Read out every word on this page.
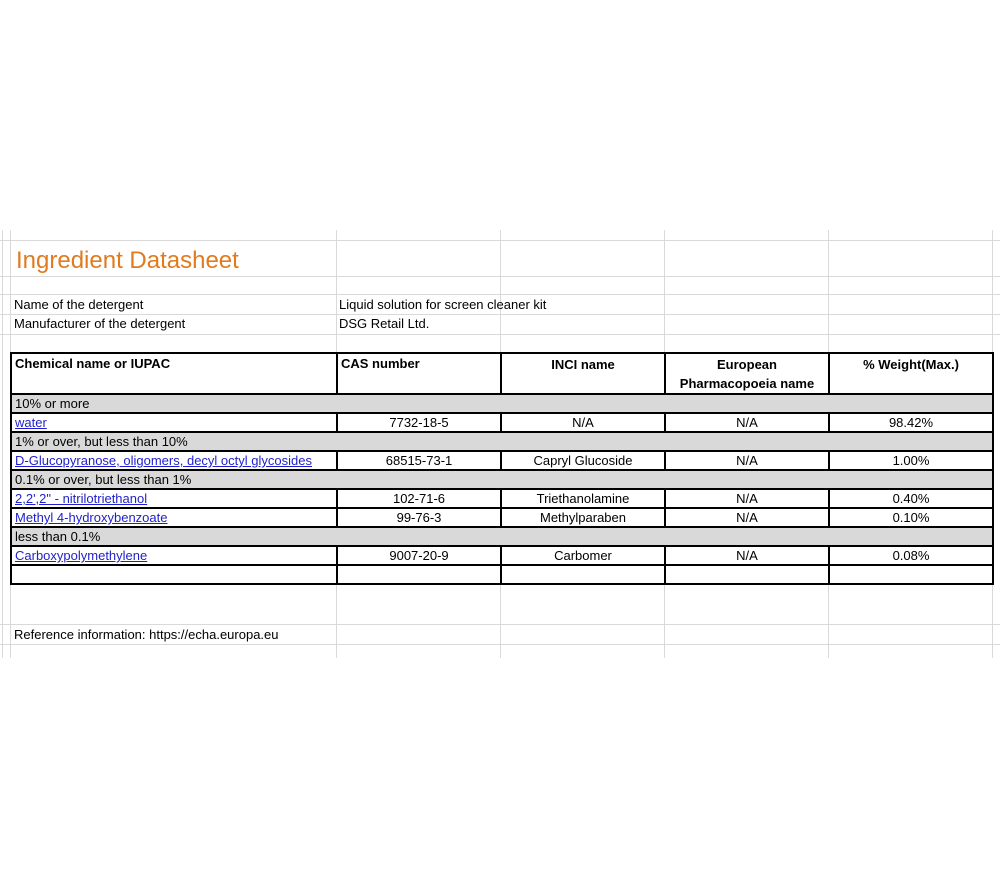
Ingredient Datasheet
Name of the detergent	Liquid solution for screen cleaner kit
Manufacturer of the detergent	DSG Retail Ltd.
Chemical name or IUPAC	CAS number	INCI name	European Pharmacopoeia name	% Weight(Max.)
10% or more				
water	7732-18-5	N/A	N/A	98.42%
1% or over, but less than 10%				
D-Glucopyranose, oligomers, decyl octyl glycosides	68515-73-1	Capryl Glucoside	N/A	1.00%
0.1% or over, but less than 1%				
2,2',2" - nitrilotriethanol	102-71-6	Triethanolamine	N/A	0.40%
Methyl 4-hydroxybenzoate	99-76-3	Methylparaben	N/A	0.10%
less than 0.1%				
Carboxypolymethylene	9007-20-9	Carbomer	N/A	0.08%

Reference information: https://echa.europa.eu
